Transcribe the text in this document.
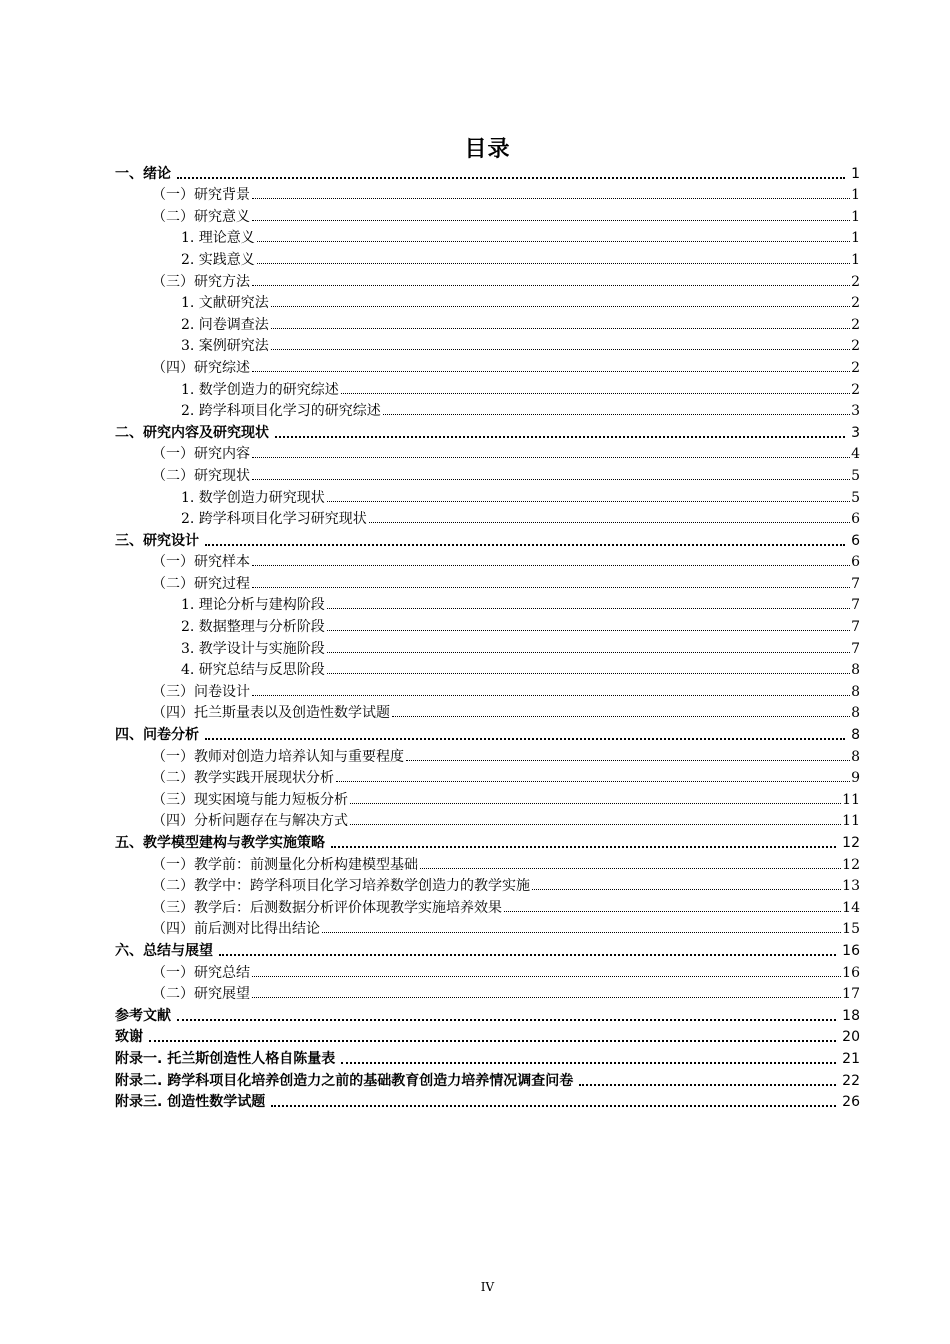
目录
一、绪论	1
（一）研究背景	1
（二）研究意义	1
1. 理论意义	1
2. 实践意义	1
（三）研究方法	2
1. 文献研究法	2
2. 问卷调查法	2
3. 案例研究法	2
（四）研究综述	2
1. 数学创造力的研究综述	2
2. 跨学科项目化学习的研究综述	3
二、研究内容及研究现状	3
（一）研究内容	4
（二）研究现状	5
1. 数学创造力研究现状	5
2. 跨学科项目化学习研究现状	6
三、研究设计	6
（一）研究样本	6
（二）研究过程	7
1. 理论分析与建构阶段	7
2. 数据整理与分析阶段	7
3. 教学设计与实施阶段	7
4. 研究总结与反思阶段	8
（三）问卷设计	8
（四）托兰斯量表以及创造性数学试题	8
四、问卷分析	8
（一）教师对创造力培养认知与重要程度	8
（二）教学实践开展现状分析	9
（三）现实困境与能力短板分析	11
（四）分析问题存在与解决方式	11
五、教学模型建构与教学实施策略	12
（一）教学前：前测量化分析构建模型基础	12
（二）教学中：跨学科项目化学习培养数学创造力的教学实施	13
（三）教学后：后测数据分析评价体现教学实施培养效果	14
（四）前后测对比得出结论	15
六、总结与展望	16
（一）研究总结	16
（二）研究展望	17
参考文献	18
致谢	20
附录一. 托兰斯创造性人格自陈量表	21
附录二. 跨学科项目化培养创造力之前的基础教育创造力培养情况调查问卷	22
附录三. 创造性数学试题	26
IV
